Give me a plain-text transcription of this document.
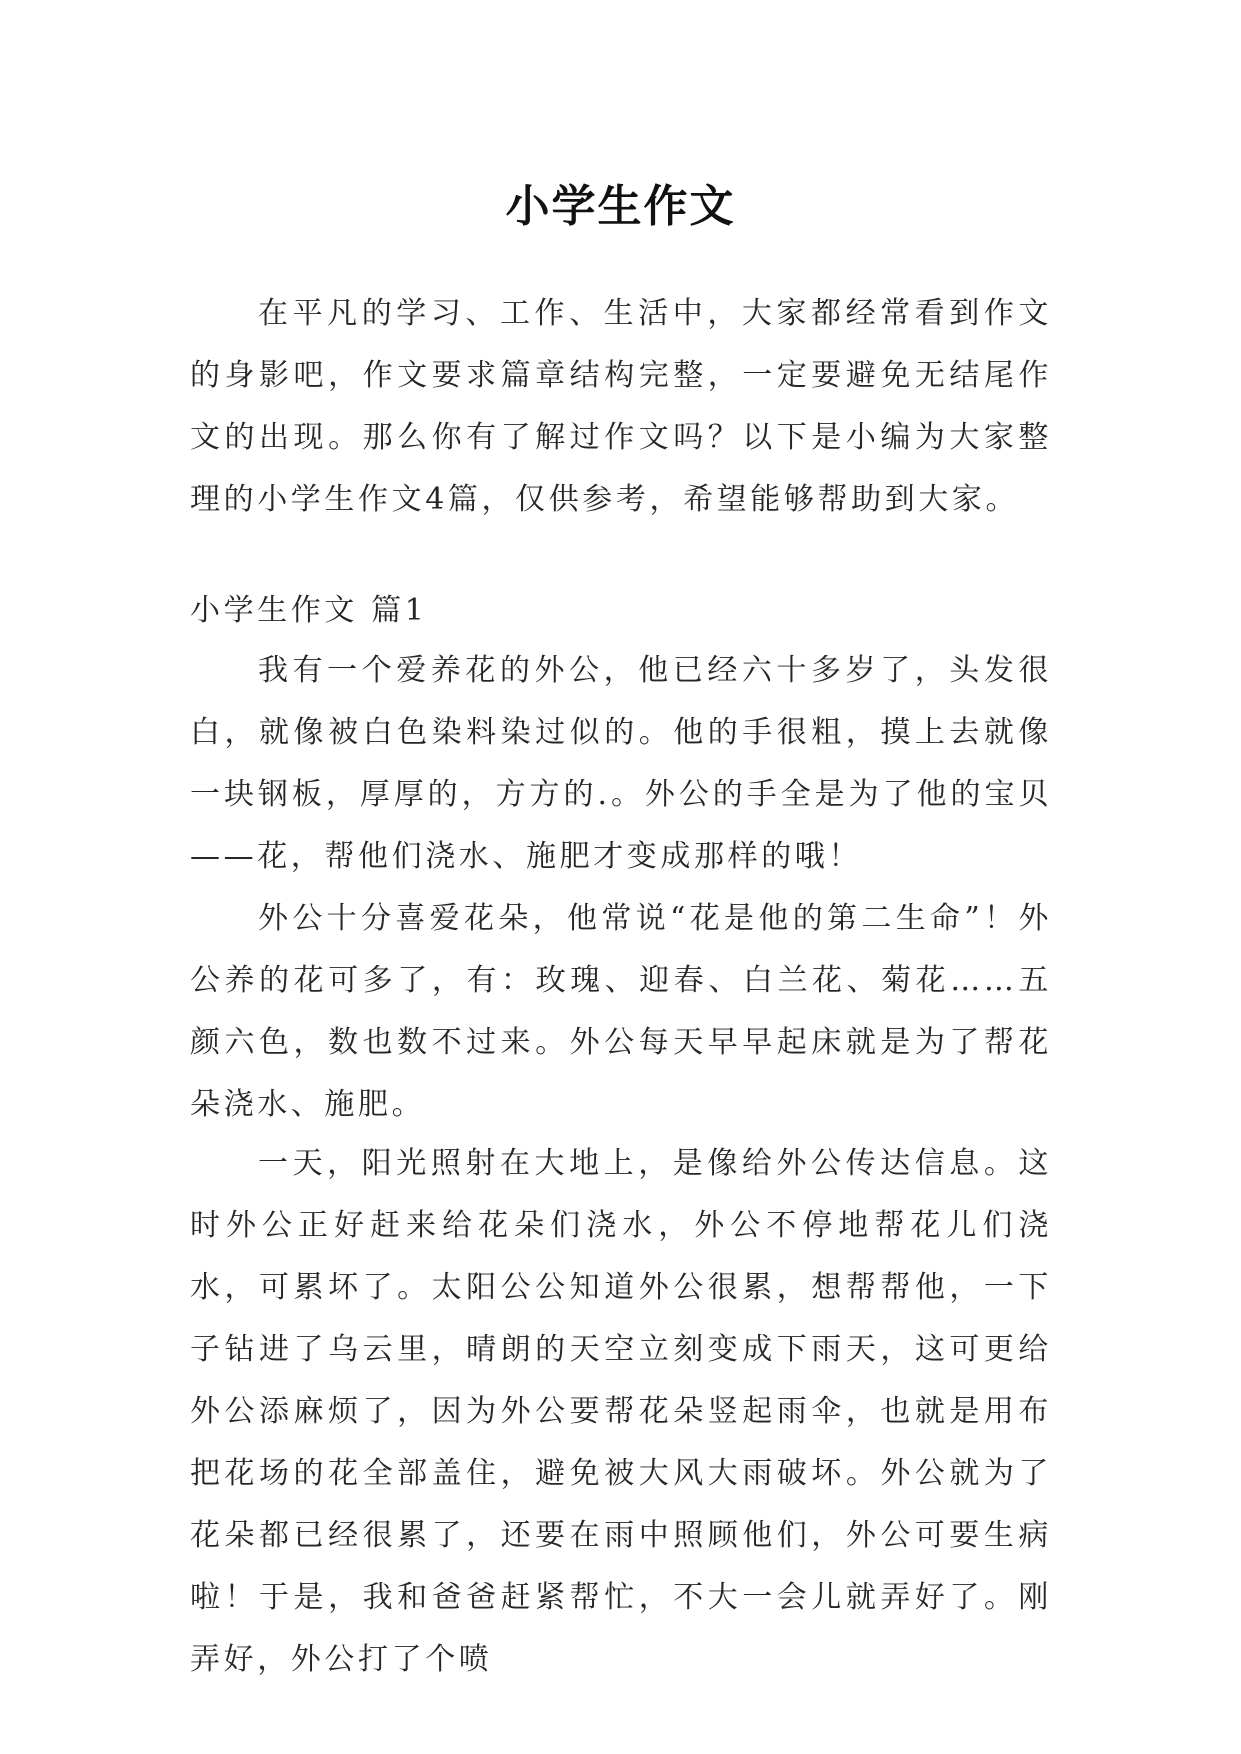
小学生作文

在平凡的学习、工作、生活中，大家都经常看到作文的身影吧，作文要求篇章结构完整，一定要避免无结尾作文的出现。那么你有了解过作文吗？以下是小编为大家整理的小学生作文4篇，仅供参考，希望能够帮助到大家。

小学生作文 篇1

我有一个爱养花的外公，他已经六十多岁了，头发很白，就像被白色染料染过似的。他的手很粗，摸上去就像一块钢板，厚厚的，方方的.。外公的手全是为了他的宝贝——花，帮他们浇水、施肥才变成那样的哦！

外公十分喜爱花朵，他常说“花是他的第二生命”！外公养的花可多了，有：玫瑰、迎春、白兰花、菊花……五颜六色，数也数不过来。外公每天早早起床就是为了帮花朵浇水、施肥。

一天，阳光照射在大地上，是像给外公传达信息。这时外公正好赶来给花朵们浇水，外公不停地帮花儿们浇水，可累坏了。太阳公公知道外公很累，想帮帮他，一下子钻进了乌云里，晴朗的天空立刻变成下雨天，这可更给外公添麻烦了，因为外公要帮花朵竖起雨伞，也就是用布把花场的花全部盖住，避免被大风大雨破坏。外公就为了花朵都已经很累了，还要在雨中照顾他们，外公可要生病啦！于是，我和爸爸赶紧帮忙，不大一会儿就弄好了。刚弄好，外公打了个喷
